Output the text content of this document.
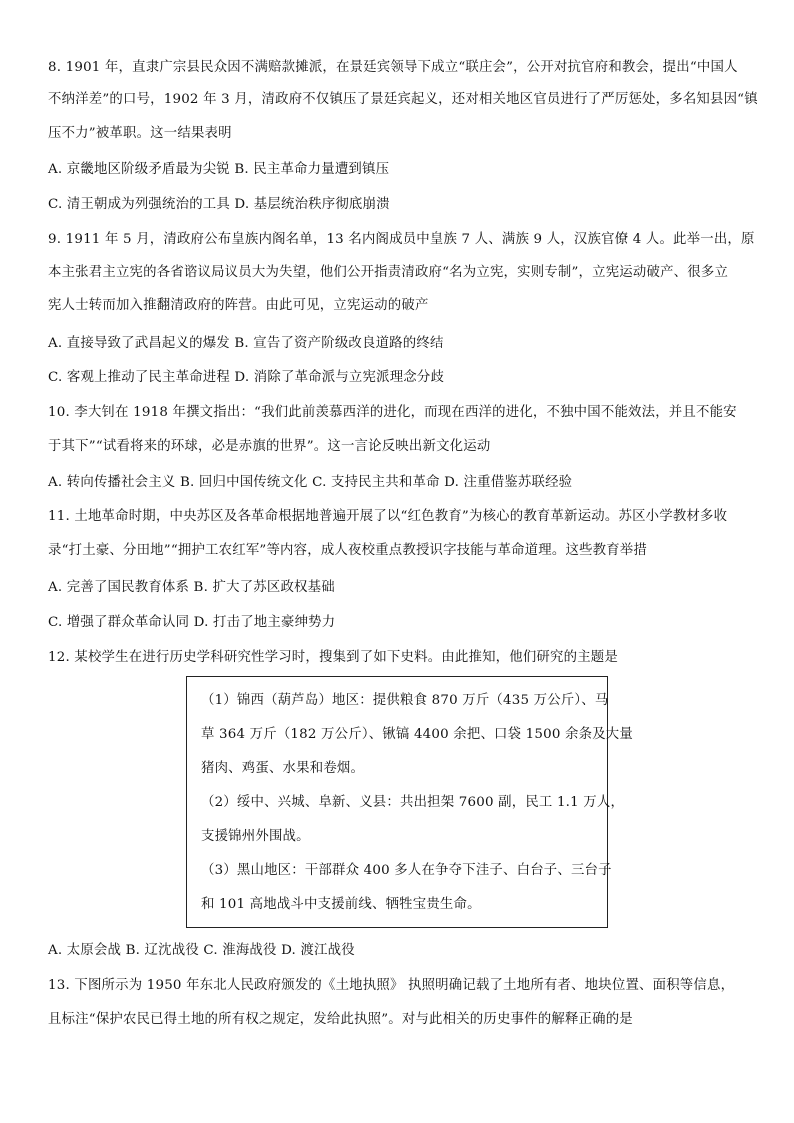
8. 1901 年，直隶广宗县民众因不满赔款摊派，在景廷宾领导下成立“联庄会”，公开对抗官府和教会，提出“中国人
不纳洋差”的口号，1902 年 3 月，清政府不仅镇压了景廷宾起义，还对相关地区官员进行了严厉惩处，多名知县因“镇
压不力”被革职。这一结果表明
A. 京畿地区阶级矛盾最为尖锐 B. 民主革命力量遭到镇压
C. 清王朝成为列强统治的工具 D. 基层统治秩序彻底崩溃
9. 1911 年 5 月，清政府公布皇族内阁名单，13 名内阁成员中皇族 7 人、满族 9 人，汉族官僚 4 人。此举一出，原
本主张君主立宪的各省谘议局议员大为失望，他们公开指责清政府“名为立宪，实则专制”，立宪运动破产、很多立
宪人士转而加入推翻清政府的阵营。由此可见，立宪运动的破产
A. 直接导致了武昌起义的爆发 B. 宣告了资产阶级改良道路的终结
C. 客观上推动了民主革命进程 D. 消除了革命派与立宪派理念分歧
10. 李大钊在 1918 年撰文指出：“我们此前羡慕西洋的进化，而现在西洋的进化，不独中国不能效法，并且不能安
于其下”“试看将来的环球，必是赤旗的世界”。这一言论反映出新文化运动
A. 转向传播社会主义 B. 回归中国传统文化 C. 支持民主共和革命 D. 注重借鉴苏联经验
11. 土地革命时期，中央苏区及各革命根据地普遍开展了以“红色教育”为核心的教育革新运动。苏区小学教材多收
录“打土豪、分田地”“拥护工农红军”等内容，成人夜校重点教授识字技能与革命道理。这些教育举措
A. 完善了国民教育体系 B. 扩大了苏区政权基础
C. 增强了群众革命认同 D. 打击了地主豪绅势力
12. 某校学生在进行历史学科研究性学习时，搜集到了如下史料。由此推知，他们研究的主题是
（1）锦西（葫芦岛）地区：提供粮食 870 万斤（435 万公斤）、马
草 364 万斤（182 万公斤）、锹镐 4400 余把、口袋 1500 余条及大量
猪肉、鸡蛋、水果和卷烟。
（2）绥中、兴城、阜新、义县：共出担架 7600 副，民工 1.1 万人，
支援锦州外围战。
（3）黑山地区：干部群众 400 多人在争夺下洼子、白台子、三台子
和 101 高地战斗中支援前线、牺牲宝贵生命。
A. 太原会战 B. 辽沈战役 C. 淮海战役 D. 渡江战役
13. 下图所示为 1950 年东北人民政府颁发的《土地执照》 执照明确记载了土地所有者、地块位置、面积等信息，
且标注“保护农民已得土地的所有权之规定，发给此执照”。对与此相关的历史事件的解释正确的是
